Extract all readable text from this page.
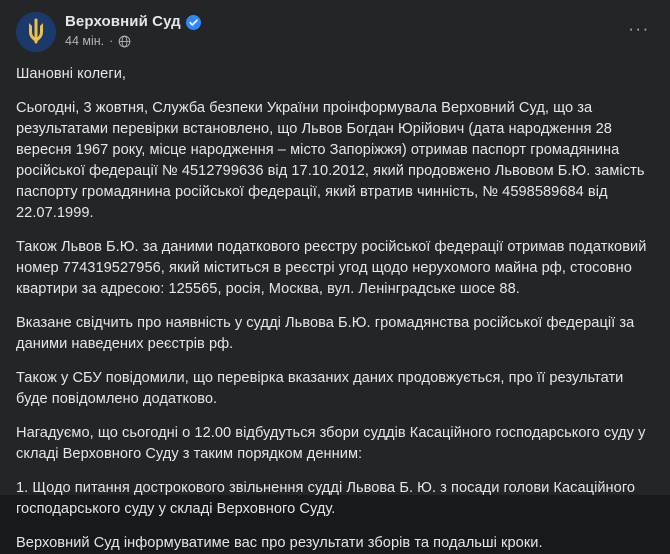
Верховний Суд
44 мін. ·
···

Шановні колеги,

Сьогодні, 3 жовтня, Служба безпеки України проінформувала Верховний Суд, що за результатами перевірки встановлено, що Львов Богдан Юрійович (дата народження 28 вересня 1967 року, місце народження – місто Запоріжжя) отримав паспорт громадянина російської федерації № 4512799636 від 17.10.2012, який продовжено Львовом Б.Ю. замість паспорту громадянина російської федерації, який втратив чинність, № 4598589684 від 22.07.1999.

Також Львов Б.Ю. за даними податкового реєстру російської федерації отримав податковий номер 774319527956, який міститься в реєстрі угод щодо нерухомого майна рф, стосовно квартири за адресою: 125565, росія, Москва, вул. Ленінградське шосе 88.

Вказане свідчить про наявність у судді Львова Б.Ю. громадянства російської федерації за даними наведених реєстрів рф.

Також у СБУ повідомили, що перевірка вказаних даних продовжується, про її результати буде повідомлено додатково.

Нагадуємо, що сьогодні о 12.00 відбудуться збори суддів Касаційного господарського суду у складі Верховного Суду з таким порядком денним:

1. Щодо питання дострокового звільнення судді Львова Б. Ю. з посади голови Касаційного господарського суду у складі Верховного Суду.

Верховний Суд інформуватиме вас про результати зборів та подальші кроки.
